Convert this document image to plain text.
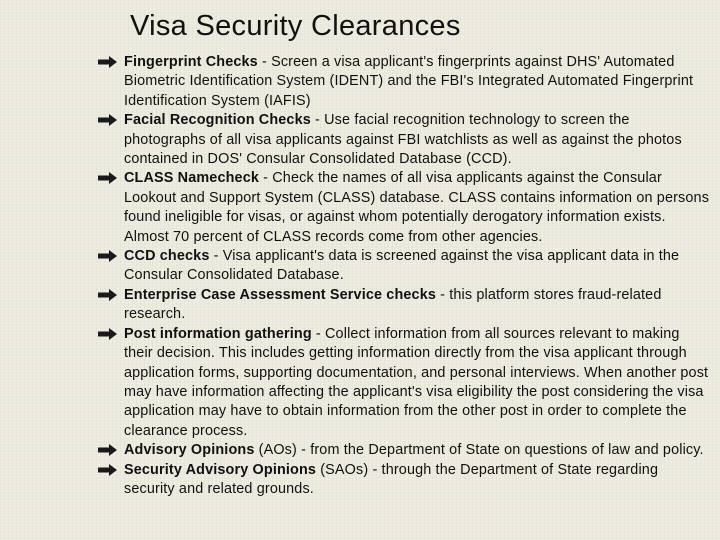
Visa Security Clearances
Fingerprint Checks - Screen a visa applicant's fingerprints against DHS' Automated Biometric Identification System (IDENT) and the FBI's Integrated Automated Fingerprint Identification System (IAFIS)
Facial Recognition Checks - Use facial recognition technology to screen the photographs of all visa applicants against FBI watchlists as well as against the photos contained in DOS' Consular Consolidated Database (CCD).
CLASS Namecheck - Check the names of all visa applicants against the Consular Lookout and Support System (CLASS) database. CLASS contains information on persons found ineligible for visas, or against whom potentially derogatory information exists. Almost 70 percent of CLASS records come from other agencies.
CCD checks - Visa applicant's data is screened against the visa applicant data in the Consular Consolidated Database.
Enterprise Case Assessment Service checks - this platform stores fraud-related research.
Post information gathering - Collect information from all sources relevant to making their decision. This includes getting information directly from the visa applicant through application forms, supporting documentation, and personal interviews. When another post may have information affecting the applicant's visa eligibility the post considering the visa application may have to obtain information from the other post in order to complete the clearance process.
Advisory Opinions (AOs) - from the Department of State on questions of law and policy.
Security Advisory Opinions (SAOs) - through the Department of State regarding security and related grounds.
